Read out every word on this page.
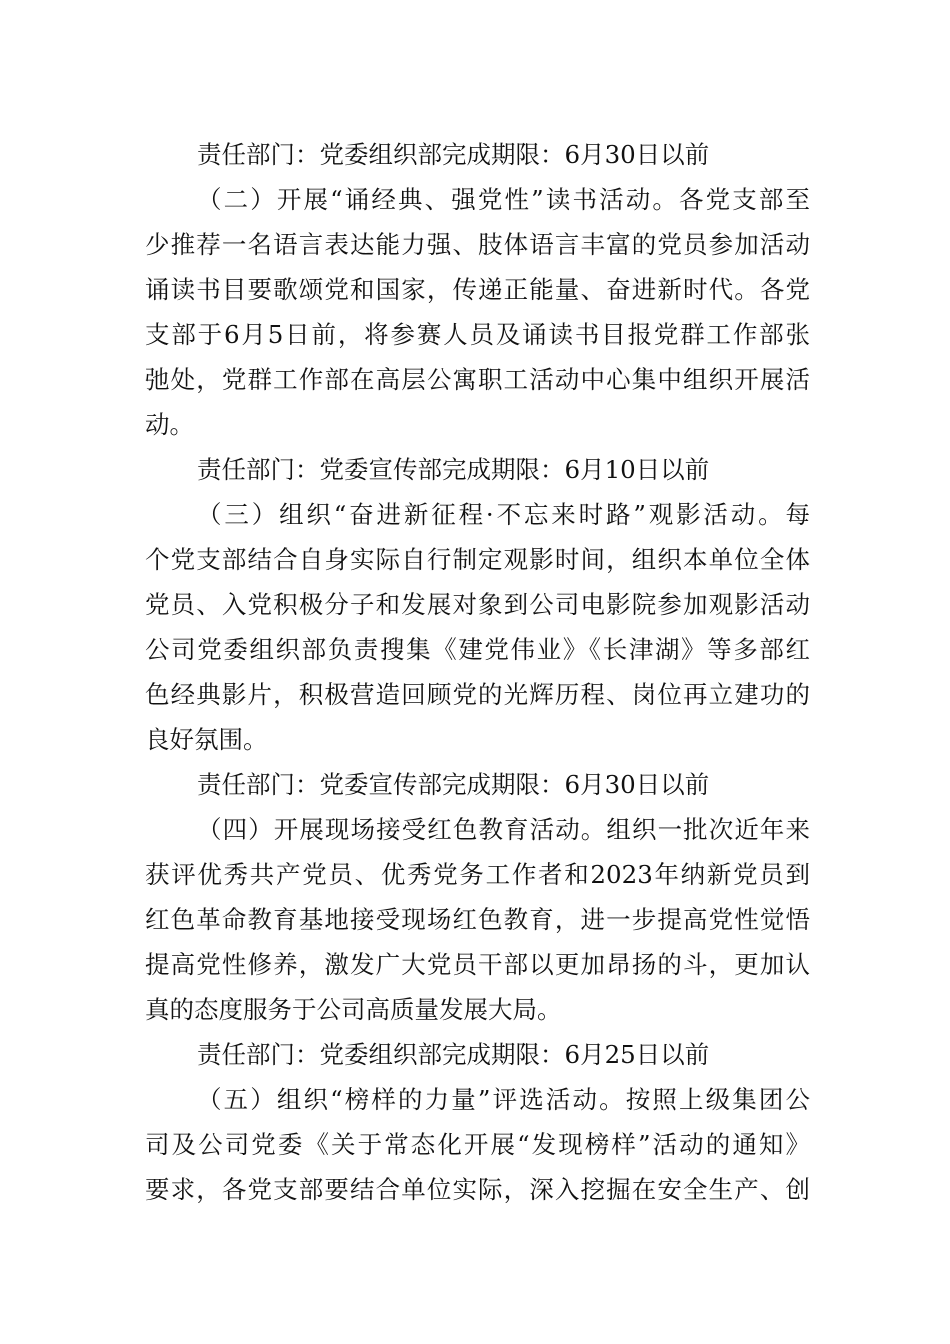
责任部门：党委组织部完成期限：6月30日以前
（二）开展“诵经典、强党性”读书活动。各党支部至
少推荐一名语言表达能力强、肢体语言丰富的党员参加活动
诵读书目要歌颂党和国家，传递正能量、奋进新时代。各党
支部于6月5日前，将参赛人员及诵读书目报党群工作部张
弛处，党群工作部在高层公寓职工活动中心集中组织开展活
动。
责任部门：党委宣传部完成期限：6月10日以前
（三）组织“奋进新征程·不忘来时路”观影活动。每
个党支部结合自身实际自行制定观影时间，组织本单位全体
党员、入党积极分子和发展对象到公司电影院参加观影活动
公司党委组织部负责搜集《建党伟业》《长津湖》等多部红
色经典影片，积极营造回顾党的光辉历程、岗位再立建功的
良好氛围。
责任部门：党委宣传部完成期限：6月30日以前
（四）开展现场接受红色教育活动。组织一批次近年来
获评优秀共产党员、优秀党务工作者和2023年纳新党员到
红色革命教育基地接受现场红色教育，进一步提高党性觉悟
提高党性修养，激发广大党员干部以更加昂扬的斗，更加认
真的态度服务于公司高质量发展大局。
责任部门：党委组织部完成期限：6月25日以前
（五）组织“榜样的力量”评选活动。按照上级集团公
司及公司党委《关于常态化开展“发现榜样”活动的通知》
要求，各党支部要结合单位实际，深入挖掘在安全生产、创
